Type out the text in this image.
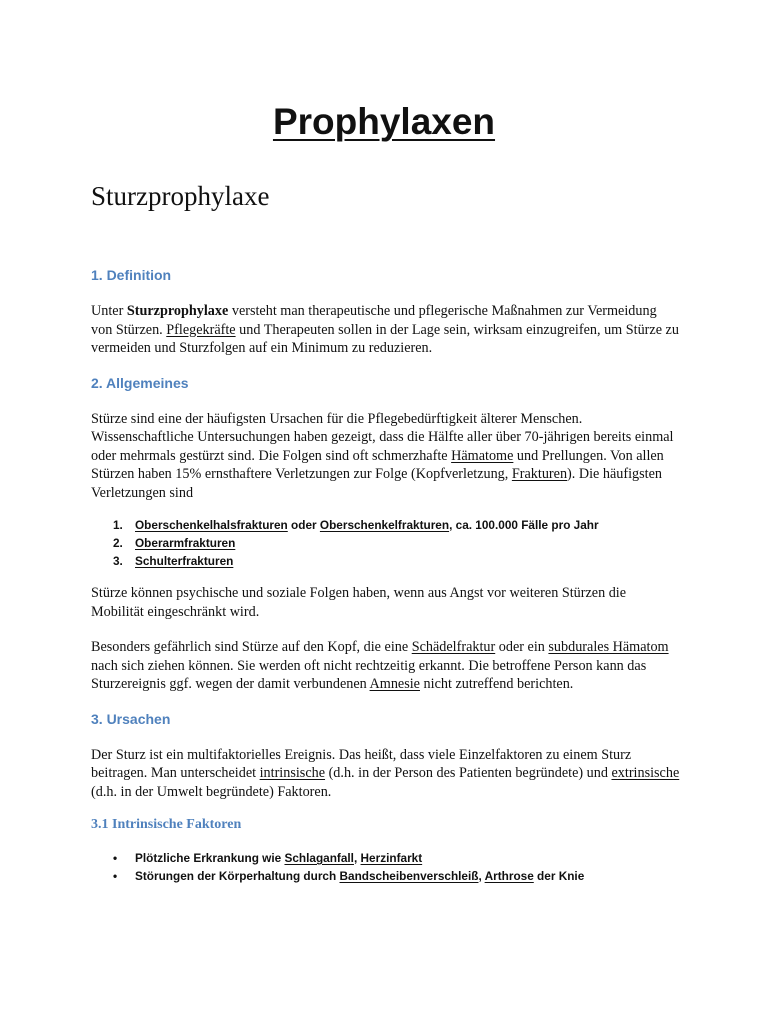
Prophylaxen
Sturzprophylaxe
1. Definition

Unter Sturzprophylaxe versteht man therapeutische und pflegerische Maßnahmen zur Vermeidung von Stürzen. Pflegekräfte und Therapeuten sollen in der Lage sein, wirksam einzugreifen, um Stürze zu vermeiden und Sturzfolgen auf ein Minimum zu reduzieren.

2. Allgemeines

Stürze sind eine der häufigsten Ursachen für die Pflegebedürftigkeit älterer Menschen. Wissenschaftliche Untersuchungen haben gezeigt, dass die Hälfte aller über 70-jährigen bereits einmal oder mehrmals gestürzt sind. Die Folgen sind oft schmerzhafte Hämatome und Prellungen. Von allen Stürzen haben 15% ernsthaftere Verletzungen zur Folge (Kopfverletzung, Frakturen). Die häufigsten Verletzungen sind

1. Oberschenkelhalsfrakturen oder Oberschenkelfrakturen, ca. 100.000 Fälle pro Jahr
2. Oberarmfrakturen
3. Schulterfrakturen

Stürze können psychische und soziale Folgen haben, wenn aus Angst vor weiteren Stürzen die Mobilität eingeschränkt wird.

Besonders gefährlich sind Stürze auf den Kopf, die eine Schädelfraktur oder ein subdurales Hämatom nach sich ziehen können. Sie werden oft nicht rechtzeitig erkannt. Die betroffene Person kann das Sturzereignis ggf. wegen der damit verbundenen Amnesie nicht zutreffend berichten.

3. Ursachen

Der Sturz ist ein multifaktorielles Ereignis. Das heißt, dass viele Einzelfaktoren zu einem Sturz beitragen. Man unterscheidet intrinsische (d.h. in der Person des Patienten begründete) und extrinsische (d.h. in der Umwelt begründete) Faktoren.

3.1 Intrinsische Faktoren
• Plötzliche Erkrankung wie Schlaganfall, Herzinfarkt
• Störungen der Körperhaltung durch Bandscheibenverschleiß, Arthrose der Knie
